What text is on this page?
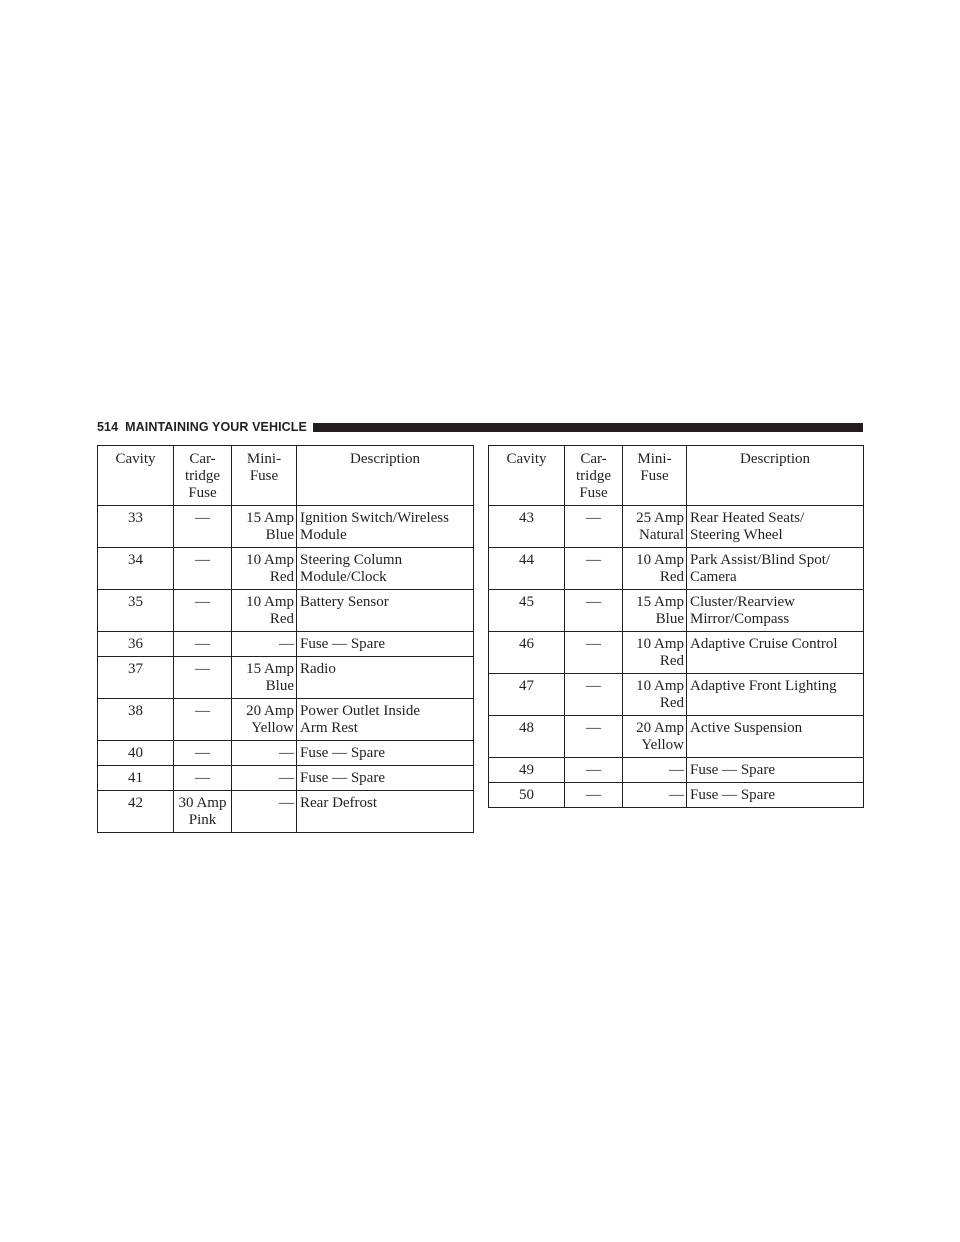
514 MAINTAINING YOUR VEHICLE
Cavity	Car-
tridge
Fuse	Mini-
Fuse	Description

33	—	15 Amp
Blue	Ignition Switch/Wireless
Module

34	—	10 Amp
Red	Steering Column
Module/Clock

35	—	10 Amp
Red	Battery Sensor

36	—	—	Fuse — Spare

37	—	15 Amp
Blue	Radio

38	—	20 Amp
Yellow	Power Outlet Inside
Arm Rest

40	—	—	Fuse — Spare

41	—	—	Fuse — Spare

42	30 Amp
Pink	—	Rear Defrost
Cavity	Car-
tridge
Fuse	Mini-
Fuse	Description

43	—	25 Amp
Natural	Rear Heated Seats/
Steering Wheel

44	—	10 Amp
Red	Park Assist/Blind Spot/
Camera

45	—	15 Amp
Blue	Cluster/Rearview
Mirror/Compass

46	—	10 Amp
Red	Adaptive Cruise Control

47	—	10 Amp
Red	Adaptive Front Lighting

48	—	20 Amp
Yellow	Active Suspension

49	—	—	Fuse — Spare

50	—	—	Fuse — Spare
